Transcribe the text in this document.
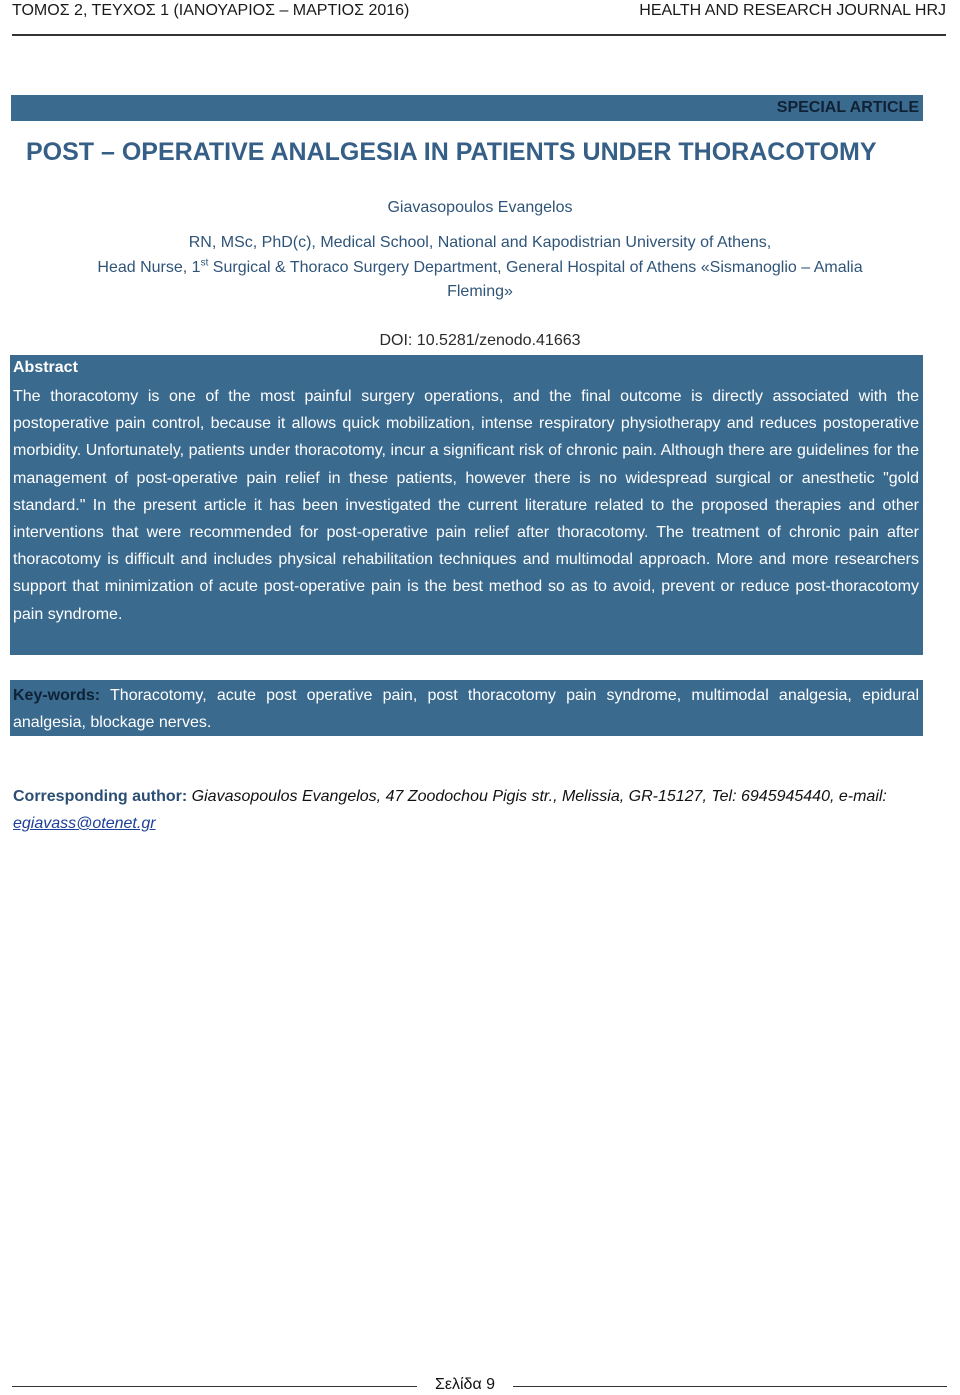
ΤΟΜΟΣ 2, ΤΕΥΧΟΣ 1 (ΙΑΝΟΥΑΡΙΟΣ – ΜΑΡΤΙΟΣ 2016)	HEALTH AND RESEARCH JOURNAL HRJ
SPECIAL ARTICLE
POST – OPERATIVE ANALGESIA IN PATIENTS UNDER THORACOTOMY
Giavasopoulos Evangelos
RN, MSc, PhD(c), Medical School, National and Kapodistrian University of Athens,
Head Nurse, 1st Surgical & Thoraco Surgery Department, General Hospital of Athens «Sismanoglio – Amalia
Fleming»
DOI: 10.5281/zenodo.41663
Abstract
The thoracotomy is one of the most painful surgery operations, and the final outcome is directly associated with the postoperative pain control, because it allows quick mobilization, intense respiratory physiotherapy and reduces postoperative morbidity. Unfortunately, patients under thoracotomy, incur a significant risk of chronic pain. Although there are guidelines for the management of post-operative pain relief in these patients, however there is no widespread surgical or anesthetic "gold standard." In the present article it has been investigated the current literature related to the proposed therapies and other interventions that were recommended for post-operative pain relief after thoracotomy. The treatment of chronic pain after thoracotomy is difficult and includes physical rehabilitation techniques and multimodal approach. More and more researchers support that minimization of acute post-operative pain is the best method so as to avoid, prevent or reduce post-thoracotomy pain syndrome.
Key-words: Thoracotomy, acute post operative pain, post thoracotomy pain syndrome, multimodal analgesia, epidural analgesia, blockage nerves.
Corresponding author: Giavasopoulos Evangelos, 47 Zoodochou Pigis str., Melissia, GR-15127, Tel: 6945945440, e-mail: egiavass@otenet.gr
Σελίδα 9
